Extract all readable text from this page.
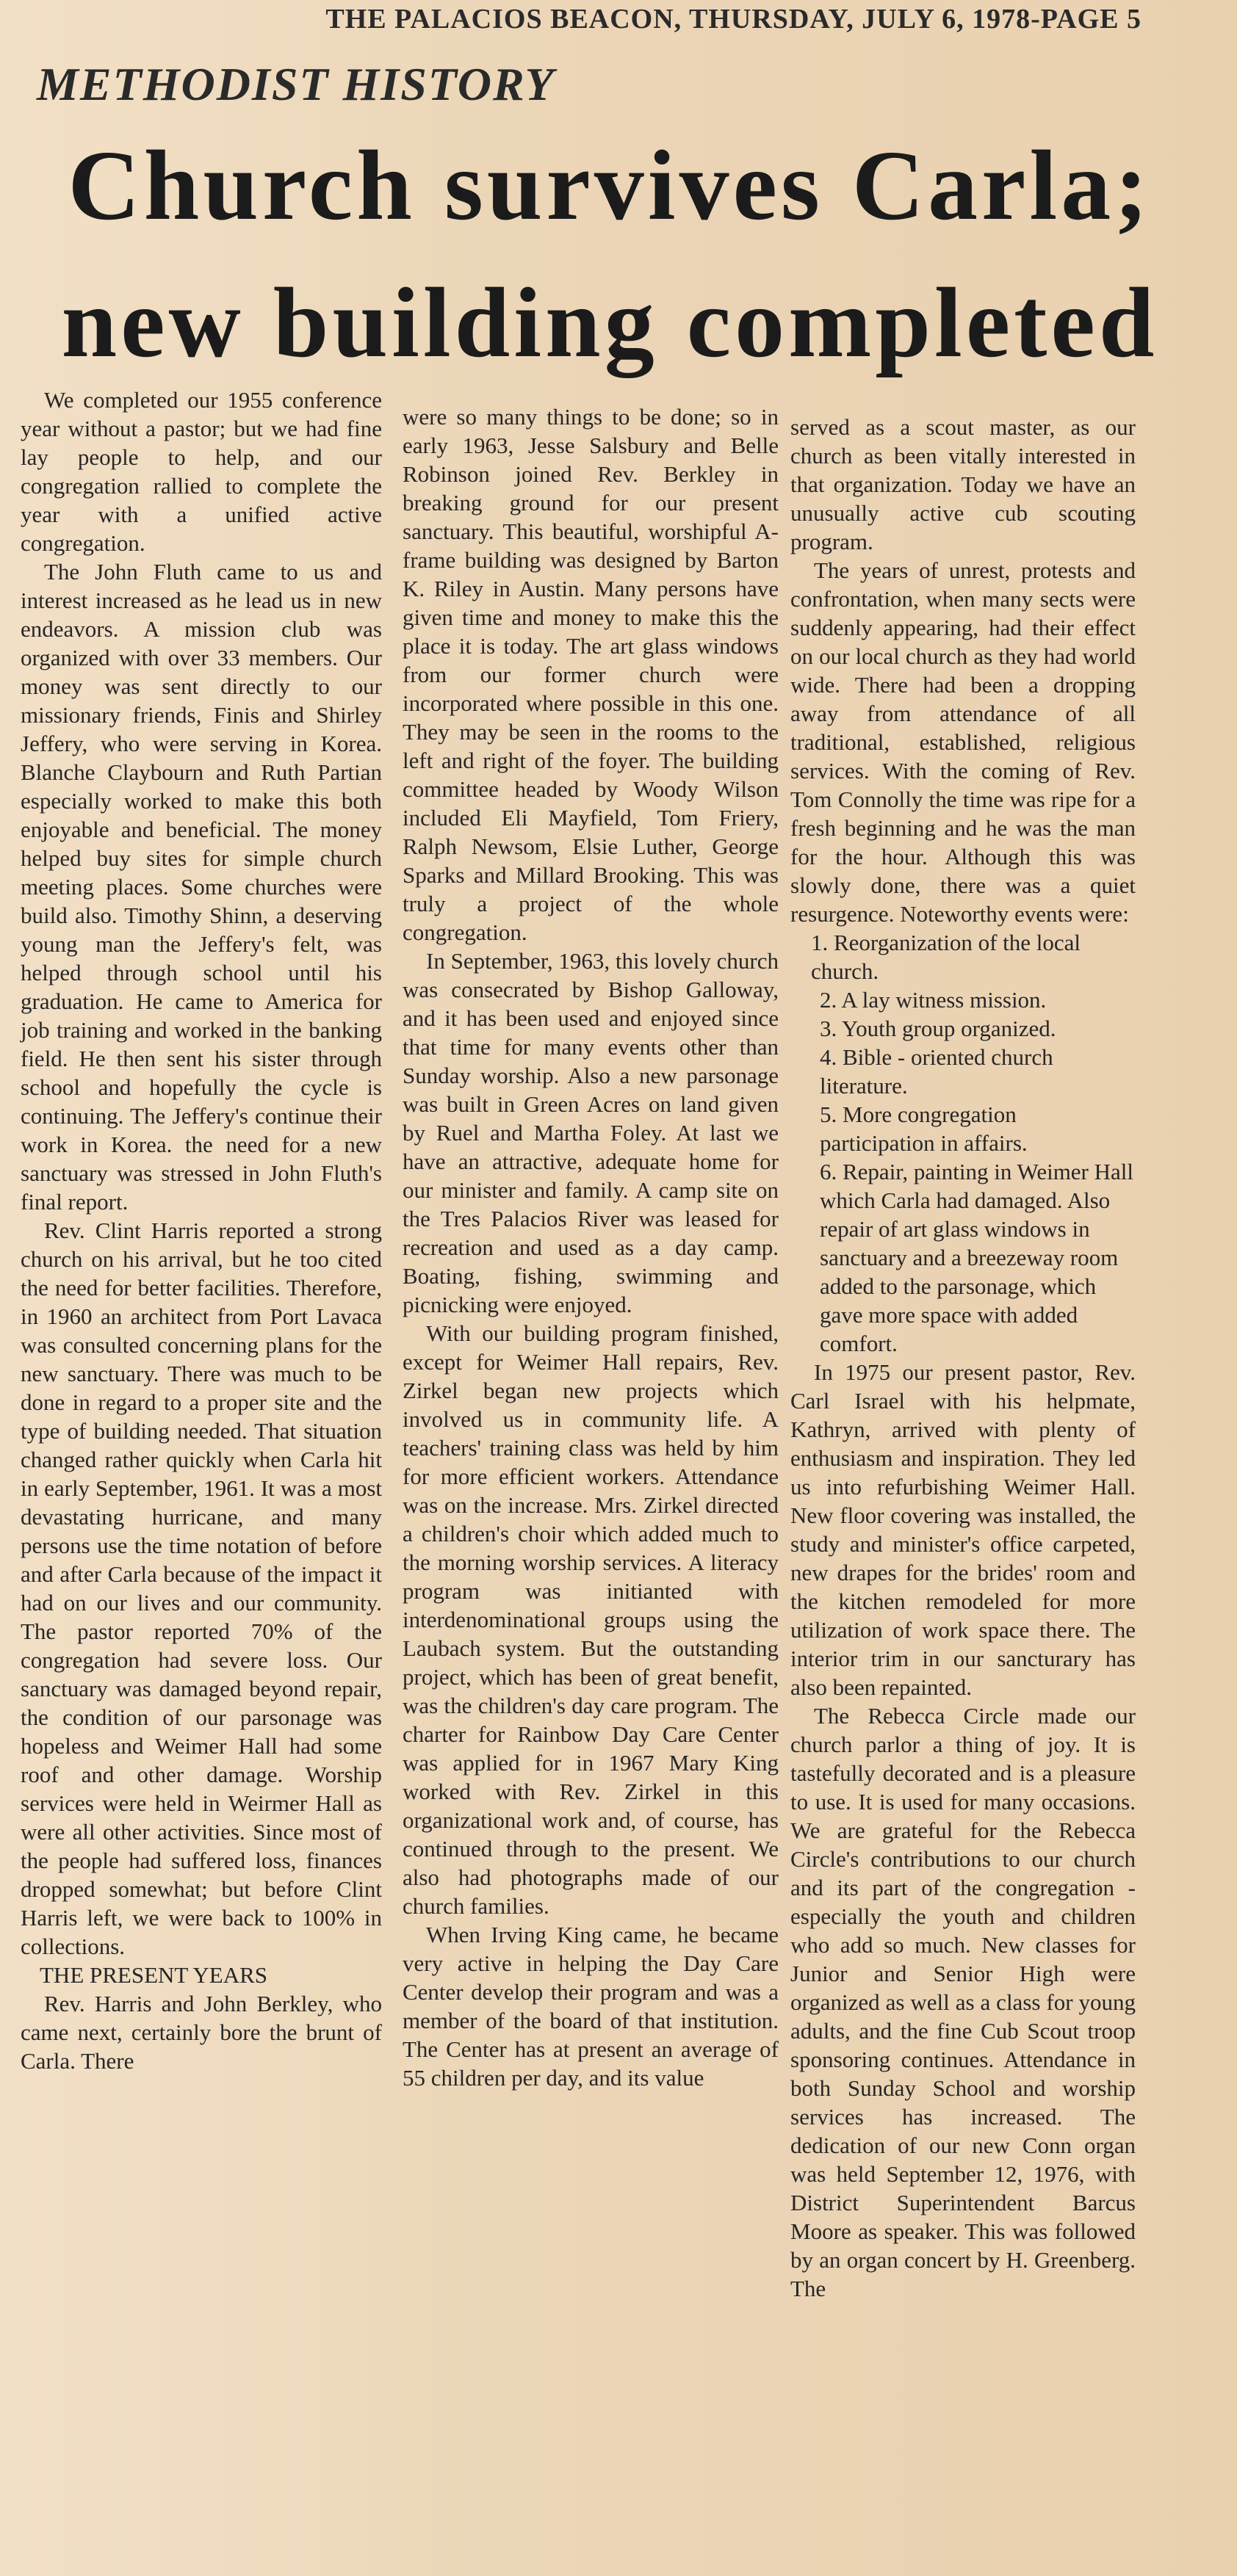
THE PALACIOS BEACON, THURSDAY, JULY 6, 1978-PAGE 5
METHODIST HISTORY
Church survives Carla;
new building completed

We completed our 1955 conference year without a pastor; but we had fine lay people to help, and our congregation rallied to complete the year with a unified active congregation.

The John Fluth came to us and interest increased as he lead us in new endeavors. A mission club was organized with over 33 members. Our money was sent directly to our missionary friends, Finis and Shirley Jeffery, who were serving in Korea. Blanche Claybourn and Ruth Partian especially worked to make this both enjoyable and beneficial. The money helped buy sites for simple church meeting places. Some churches were build also. Timothy Shinn, a deserving young man the Jeffery's felt, was helped through school until his graduation. He came to America for job training and worked in the banking field. He then sent his sister through school and hopefully the cycle is continuing. The Jeffery's continue their work in Korea. the need for a new sanctuary was stressed in John Fluth's final report.

Rev. Clint Harris reported a strong church on his arrival, but he too cited the need for better facilities. Therefore, in 1960 an architect from Port Lavaca was consulted concerning plans for the new sanctuary. There was much to be done in regard to a proper site and the type of building needed. That situation changed rather quickly when Carla hit in early September, 1961. It was a most devastating hurricane, and many persons use the time notation of before and after Carla because of the impact it had on our lives and our community. The pastor reported 70% of the congregation had severe loss. Our sanctuary was damaged beyond repair, the condition of our parsonage was hopeless and Weimer Hall had some roof and other damage. Worship services were held in Weirmer Hall as were all other activities. Since most of the people had suffered loss, finances dropped somewhat; but before Clint Harris left, we were back to 100% in collections.

THE PRESENT YEARS

Rev. Harris and John Berkley, who came next, certainly bore the brunt of Carla. There

were so many things to be done; so in early 1963, Jesse Salsbury and Belle Robinson joined Rev. Berkley in breaking ground for our present sanctuary. This beautiful, worshipful A-frame building was designed by Barton K. Riley in Austin. Many persons have given time and money to make this the place it is today. The art glass windows from our former church were incorporated where possible in this one. They may be seen in the rooms to the left and right of the foyer. The building committee headed by Woody Wilson included Eli Mayfield, Tom Friery, Ralph Newsom, Elsie Luther, George Sparks and Millard Brooking. This was truly a project of the whole congregation.

In September, 1963, this lovely church was consecrated by Bishop Galloway, and it has been used and enjoyed since that time for many events other than Sunday worship. Also a new parsonage was built in Green Acres on land given by Ruel and Martha Foley. At last we have an attractive, adequate home for our minister and family. A camp site on the Tres Palacios River was leased for recreation and used as a day camp. Boating, fishing, swimming and picnicking were enjoyed.

With our building program finished, except for Weimer Hall repairs, Rev. Zirkel began new projects which involved us in community life. A teachers' training class was held by him for more efficient workers. Attendance was on the increase. Mrs. Zirkel directed a children's choir which added much to the morning worship services. A literacy program was initianted with interdenominational groups using the Laubach system. But the outstanding project, which has been of great benefit, was the children's day care program. The charter for Rainbow Day Care Center was applied for in 1967 Mary King worked with Rev. Zirkel in this organizational work and, of course, has continued through to the present. We also had photographs made of our church families.

When Irving King came, he became very active in helping the Day Care Center develop their program and was a member of the board of that institution. The Center has at present an average of 55 children per day, and its value

served as a scout master, as our church as been vitally interested in that organization. Today we have an unusually active cub scouting program.

The years of unrest, protests and confrontation, when many sects were suddenly appearing, had their effect on our local church as they had world wide. There had been a dropping away from attendance of all traditional, established, religious services. With the coming of Rev. Tom Connolly the time was ripe for a fresh beginning and he was the man for the hour. Although this was slowly done, there was a quiet resurgence. Noteworthy events were:

1. Reorganization of the local church.

2. A lay witness mission.

3. Youth group organized.

4. Bible - oriented church literature.

5. More congregation participation in affairs.

6. Repair, painting in Weimer Hall which Carla had damaged. Also repair of art glass windows in sanctuary and a breezeway room added to the parsonage, which gave more space with added comfort.

In 1975 our present pastor, Rev. Carl Israel with his helpmate, Kathryn, arrived with plenty of enthusiasm and inspiration. They led us into refurbishing Weimer Hall. New floor covering was installed, the study and minister's office carpeted, new drapes for the brides' room and the kitchen remodeled for more utilization of work space there. The interior trim in our sancturary has also been repainted.

The Rebecca Circle made our church parlor a thing of joy. It is tastefully decorated and is a pleasure to use. It is used for many occasions. We are grateful for the Rebecca Circle's contributions to our church and its part of the congregation - especially the youth and children who add so much. New classes for Junior and Senior High were organized as well as a class for young adults, and the fine Cub Scout troop sponsoring continues. Attendance in both Sunday School and worship services has increased. The dedication of our new Conn organ was held September 12, 1976, with District Superintendent Barcus Moore as speaker. This was followed by an organ concert by H. Greenberg. The
